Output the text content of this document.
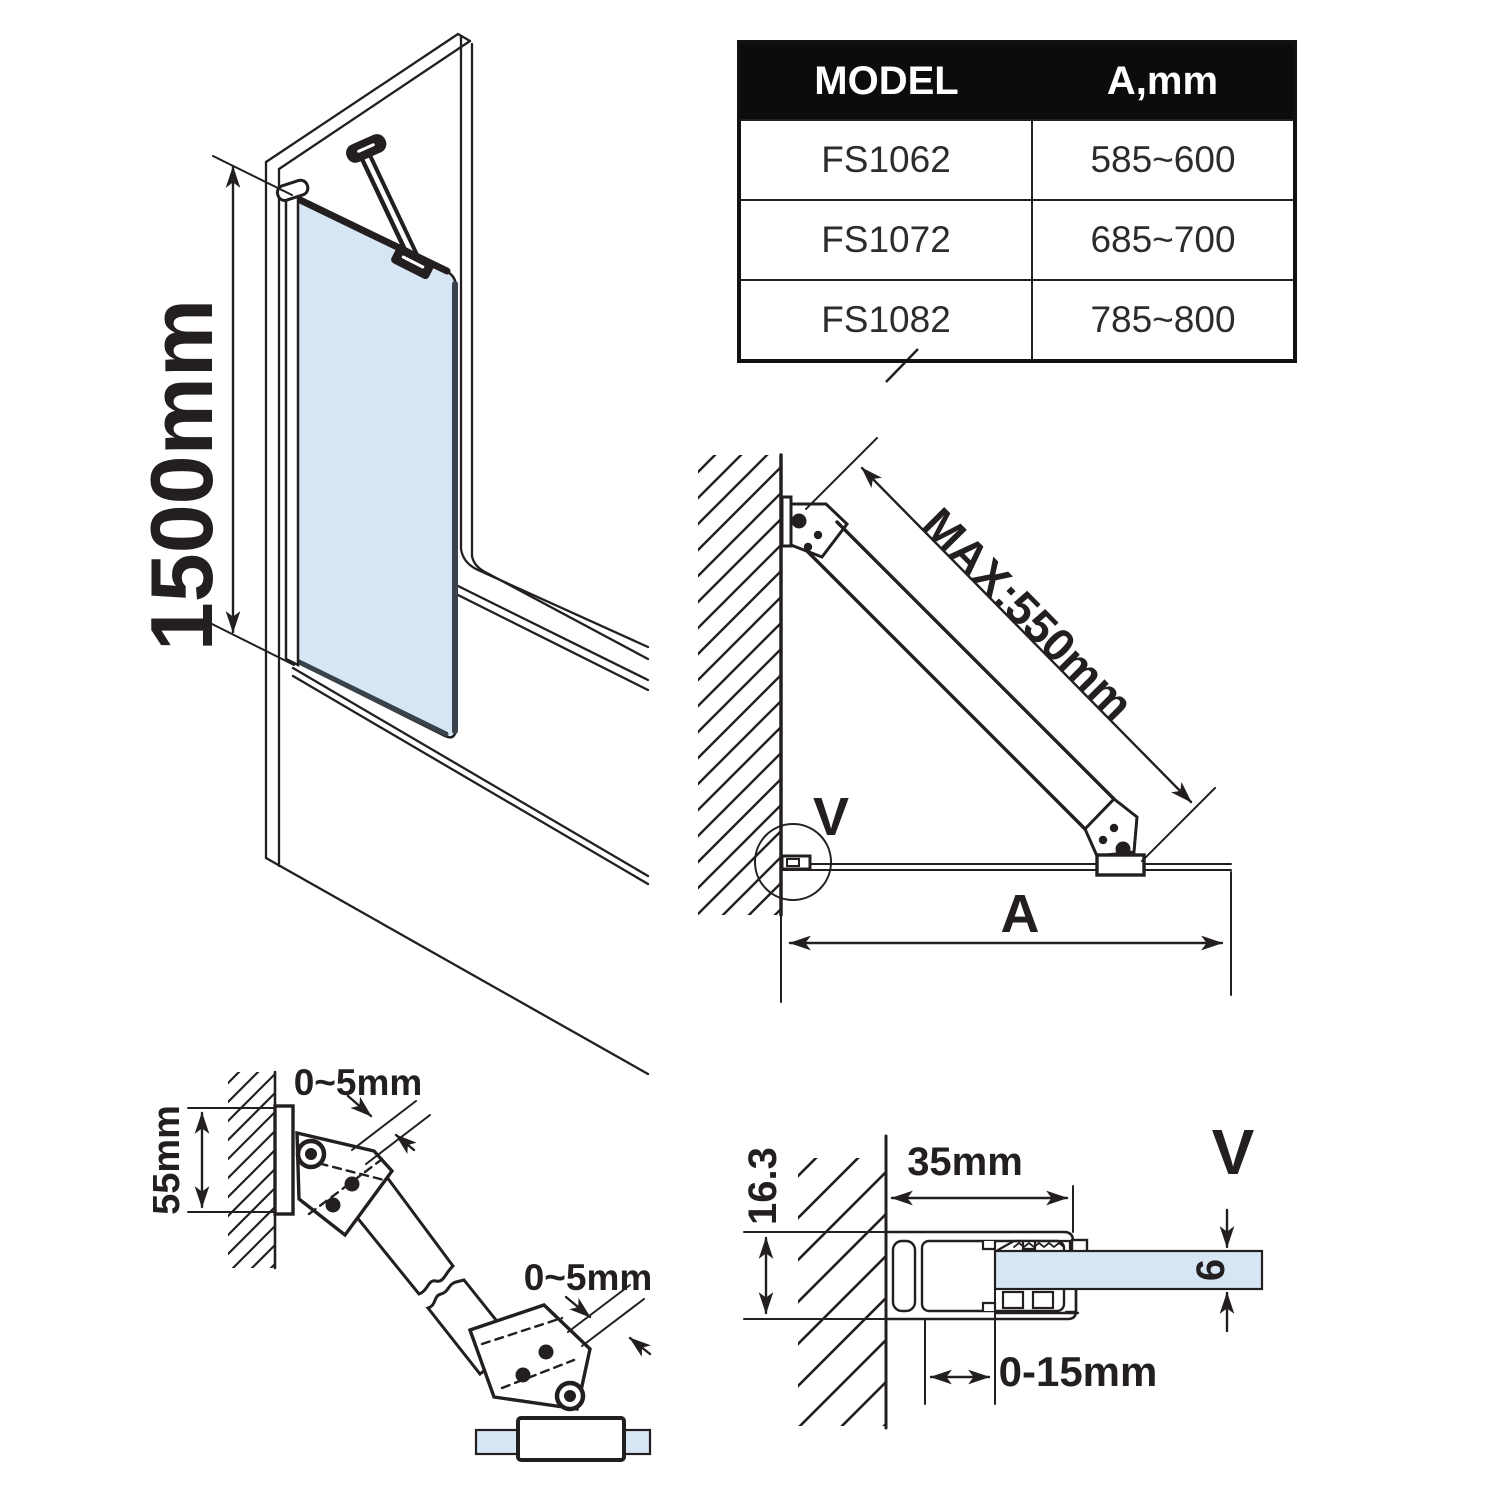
1500mm	MAX:550mm
V
A
55mm
0~5mm
0~5mm
16.3	35mm
6
0-15mm
V
MODEL	A,mm
FS1062	585~600
FS1072	685~700
FS1082	785~800
